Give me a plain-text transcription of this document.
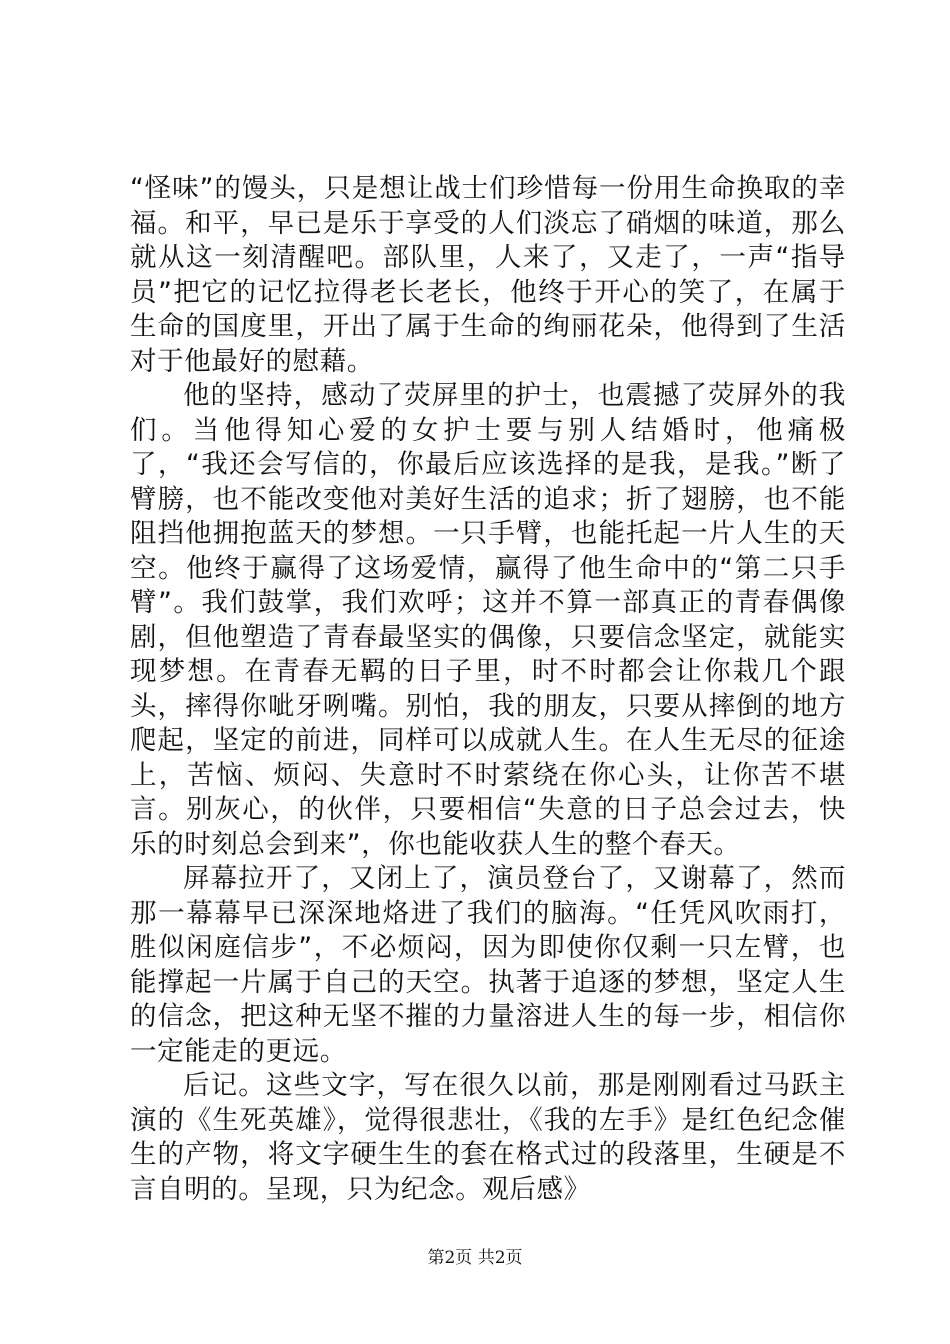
“怪味”的馒头，只是想让战士们珍惜每一份用生命换取的幸福。和平，早已是乐于享受的人们淡忘了硝烟的味道，那么就从这一刻清醒吧。部队里，人来了，又走了，一声“指导员”把它的记忆拉得老长老长，他终于开心的笑了，在属于生命的国度里，开出了属于生命的绚丽花朵，他得到了生活对于他最好的慰藉。

他的坚持，感动了荧屏里的护士，也震撼了荧屏外的我们。当他得知心爱的女护士要与别人结婚时，他痛极了，“我还会写信的，你最后应该选择的是我，是我。”断了臂膀，也不能改变他对美好生活的追求；折了翅膀，也不能阻挡他拥抱蓝天的梦想。一只手臂，也能托起一片人生的天空。他终于赢得了这场爱情，赢得了他生命中的“第二只手臂”。我们鼓掌，我们欢呼；这并不算一部真正的青春偶像剧，但他塑造了青春最坚实的偶像，只要信念坚定，就能实现梦想。在青春无羁的日子里，时不时都会让你栽几个跟头，摔得你呲牙咧嘴。别怕，我的朋友，只要从摔倒的地方爬起，坚定的前进，同样可以成就人生。在人生无尽的征途上，苦恼、烦闷、失意时不时萦绕在你心头，让你苦不堪言。别灰心，的伙伴，只要相信“失意的日子总会过去，快乐的时刻总会到来”，你也能收获人生的整个春天。

屏幕拉开了，又闭上了，演员登台了，又谢幕了，然而那一幕幕早已深深地烙进了我们的脑海。“任凭风吹雨打，胜似闲庭信步”，不必烦闷，因为即使你仅剩一只左臂，也能撑起一片属于自己的天空。执著于追逐的梦想，坚定人生的信念，把这种无坚不摧的力量溶进人生的每一步，相信你一定能走的更远。

后记。这些文字，写在很久以前，那是刚刚看过马跃主演的《生死英雄》，觉得很悲壮，《我的左手》是红色纪念催生的产物，将文字硬生生的套在格式过的段落里，生硬是不言自明的。呈现，只为纪念。观后感》

第2页 共2页
